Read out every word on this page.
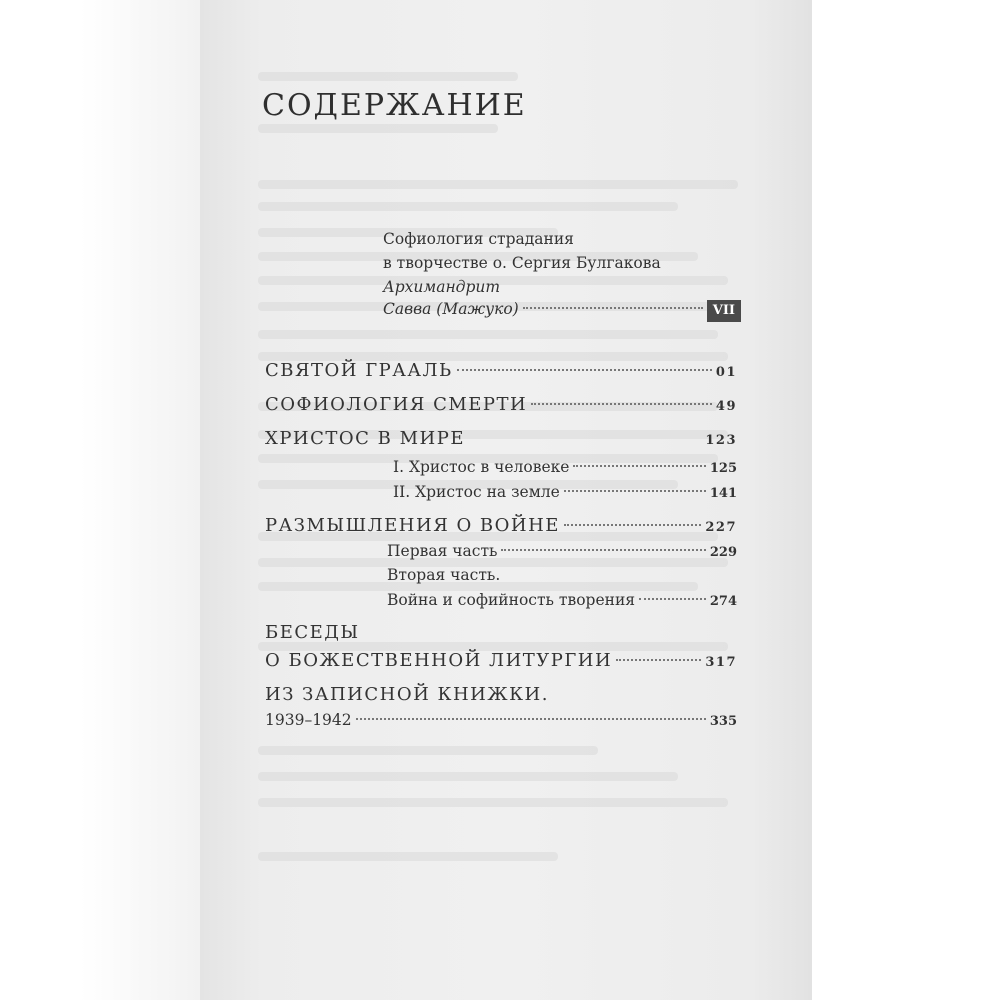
СОДЕРЖАНИЕ
Софиология страдания
в творчестве о. Сергия Булгакова
Архимандрит
Савва (Мажуко)	VII
СВЯТОЙ ГРААЛЬ	01
СОФИОЛОГИЯ СМЕРТИ	49
ХРИСТОС В МИРЕ	123
I. Христос в человеке	125
II. Христос на земле	141
РАЗМЫШЛЕНИЯ О ВОЙНЕ	227
Первая часть	229
Вторая часть.
Война и софийность творения	274
БЕСЕДЫ
О БОЖЕСТВЕННОЙ ЛИТУРГИИ	317
ИЗ ЗАПИСНОЙ КНИЖКИ.
1939–1942	335
